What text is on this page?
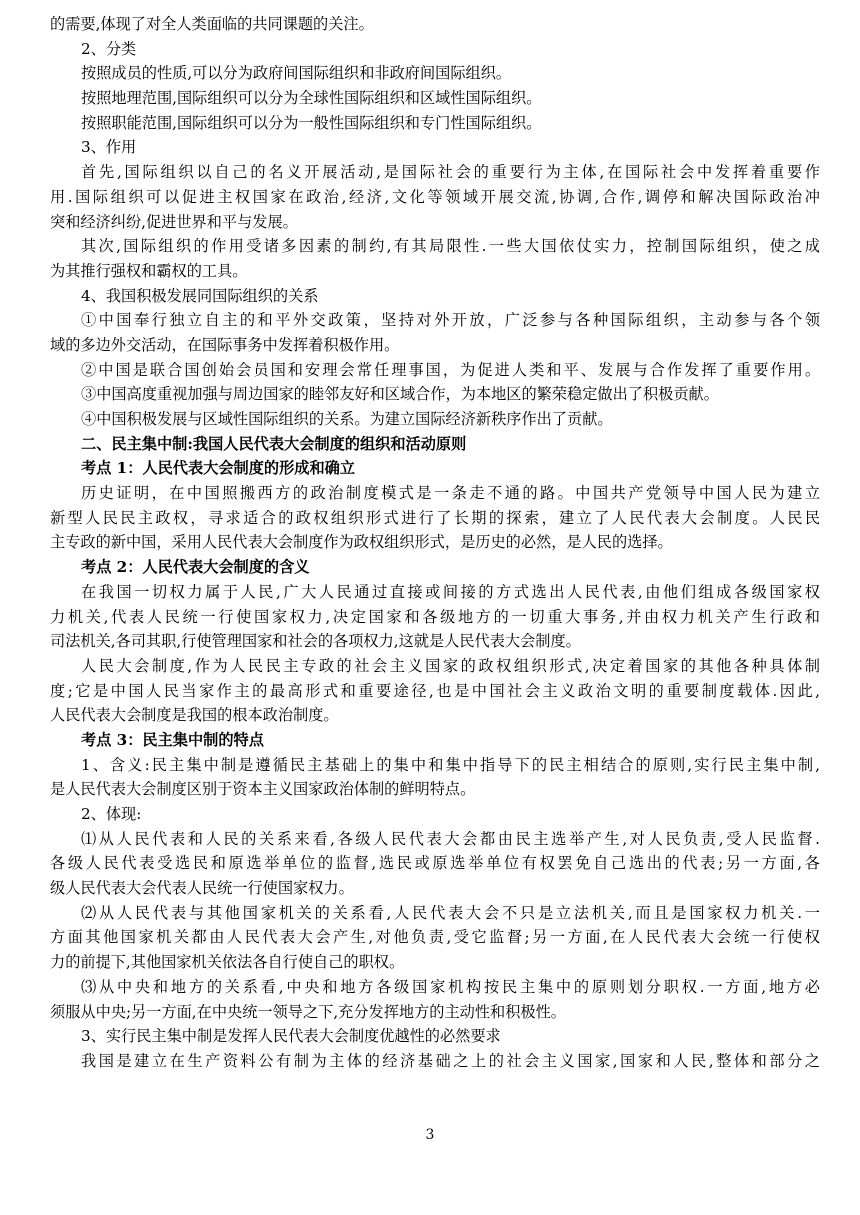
的需要,体现了对全人类面临的共同课题的关注。
2、分类
按照成员的性质,可以分为政府间国际组织和非政府间国际组织。
按照地理范围,国际组织可以分为全球性国际组织和区域性国际组织。
按照职能范围,国际组织可以分为一般性国际组织和专门性国际组织。
3、作用
首先,国际组织以自己的名义开展活动,是国际社会的重要行为主体,在国际社会中发挥着重要作
用.国际组织可以促进主权国家在政治,经济,文化等领域开展交流,协调,合作,调停和解决国际政治冲
突和经济纠纷,促进世界和平与发展。
其次,国际组织的作用受诸多因素的制约,有其局限性.一些大国依仗实力，控制国际组织，使之成
为其推行强权和霸权的工具。
4、我国积极发展同国际组织的关系
①中国奉行独立自主的和平外交政策，坚持对外开放，广泛参与各种国际组织，主动参与各个领
域的多边外交活动，在国际事务中发挥着积极作用。
②中国是联合国创始会员国和安理会常任理事国，为促进人类和平、发展与合作发挥了重要作用。
③中国高度重视加强与周边国家的睦邻友好和区域合作，为本地区的繁荣稳定做出了积极贡献。
④中国积极发展与区域性国际组织的关系。为建立国际经济新秩序作出了贡献。
二、民主集中制:我国人民代表大会制度的组织和活动原则
考点 1：人民代表大会制度的形成和确立
历史证明，在中国照搬西方的政治制度模式是一条走不通的路。中国共产党领导中国人民为建立
新型人民民主政权，寻求适合的政权组织形式进行了长期的探索，建立了人民代表大会制度。人民民
主专政的新中国，采用人民代表大会制度作为政权组织形式，是历史的必然，是人民的选择。
考点 2：人民代表大会制度的含义
在我国一切权力属于人民,广大人民通过直接或间接的方式选出人民代表,由他们组成各级国家权
力机关,代表人民统一行使国家权力,决定国家和各级地方的一切重大事务,并由权力机关产生行政和
司法机关,各司其职,行使管理国家和社会的各项权力,这就是人民代表大会制度。
人民大会制度,作为人民民主专政的社会主义国家的政权组织形式,决定着国家的其他各种具体制
度;它是中国人民当家作主的最高形式和重要途径,也是中国社会主义政治文明的重要制度载体.因此,
人民代表大会制度是我国的根本政治制度。
考点 3：民主集中制的特点
1、含义:民主集中制是遵循民主基础上的集中和集中指导下的民主相结合的原则,实行民主集中制,
是人民代表大会制度区别于资本主义国家政治体制的鲜明特点。
2、体现:
⑴从人民代表和人民的关系来看,各级人民代表大会都由民主选举产生,对人民负责,受人民监督.
各级人民代表受选民和原选举单位的监督,选民或原选举单位有权罢免自己选出的代表;另一方面,各
级人民代表大会代表人民统一行使国家权力。
⑵从人民代表与其他国家机关的关系看,人民代表大会不只是立法机关,而且是国家权力机关.一
方面其他国家机关都由人民代表大会产生,对他负责,受它监督;另一方面,在人民代表大会统一行使权
力的前提下,其他国家机关依法各自行使自己的职权。
⑶从中央和地方的关系看,中央和地方各级国家机构按民主集中的原则划分职权.一方面,地方必
须服从中央;另一方面,在中央统一领导之下,充分发挥地方的主动性和积极性。
3、实行民主集中制是发挥人民代表大会制度优越性的必然要求
我国是建立在生产资料公有制为主体的经济基础之上的社会主义国家,国家和人民,整体和部分之
3
